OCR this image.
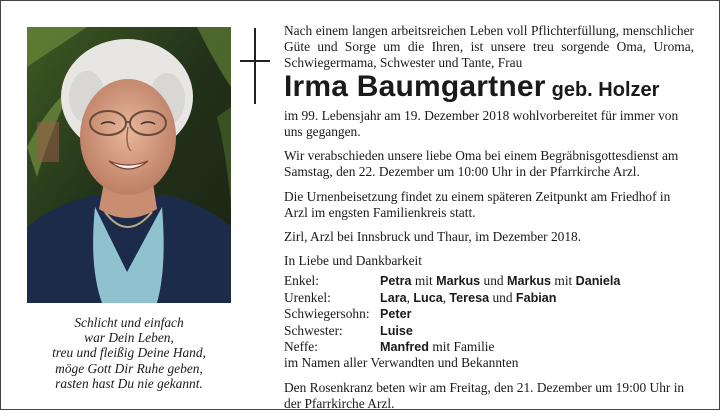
Schlicht und einfach
war Dein Leben,
treu und fleißig Deine Hand,
möge Gott Dir Ruhe geben,
rasten hast Du nie gekannt.

Nach einem langen arbeitsreichen Leben voll Pflichterfüllung, menschlicher Güte und Sorge um die Ihren, ist unsere treu sorgende Oma, Uroma, Schwiegermama, Schwester und Tante, Frau

Irma Baumgartner geb. Holzer

im 99. Lebensjahr am 19. Dezember 2018 wohlvorbereitet für immer von uns gegangen.

Wir verabschieden unsere liebe Oma bei einem Begräbnisgottesdienst am Samstag, den 22. Dezember um 10:00 Uhr in der Pfarrkirche Arzl.

Die Urnenbeisetzung findet zu einem späteren Zeitpunkt am Friedhof in Arzl im engsten Familienkreis statt.

Zirl, Arzl bei Innsbruck und Thaur, im Dezember 2018.

In Liebe und Dankbarkeit

Enkel:	Petra mit Markus und Markus mit Daniela
Urenkel:	Lara, Luca, Teresa und Fabian
Schwiegersohn: Peter
Schwester:	Luise
Neffe:	Manfred mit Familie
im Namen aller Verwandten und Bekannten

Den Rosenkranz beten wir am Freitag, den 21. Dezember um 19:00 Uhr in der Pfarrkirche Arzl.
